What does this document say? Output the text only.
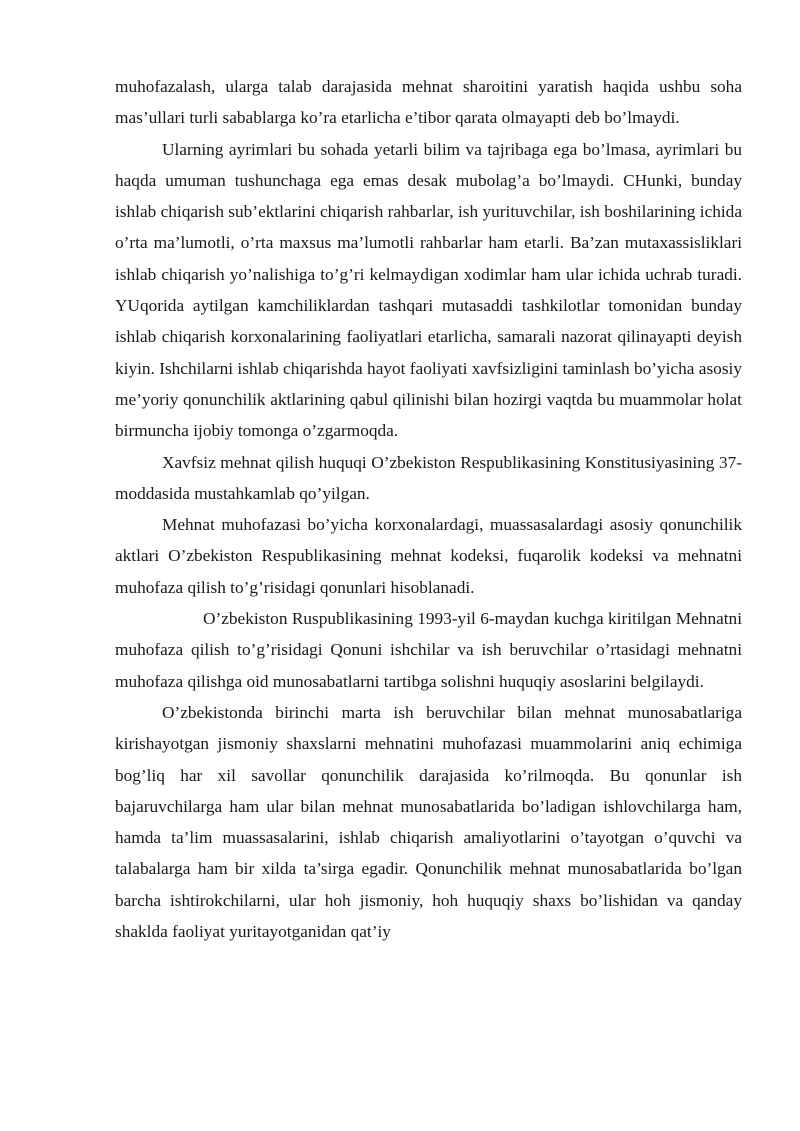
muhofazalash, ularga talab darajasida mehnat sharoitini yaratish haqida ushbu soha mas’ullari turli sabablarga ko’ra etarlicha e’tibor qarata olmayapti deb bo’lmaydi.

Ularning ayrimlari bu sohada yetarli bilim va tajribaga ega bo’lmasa, ayrimlari bu haqda umuman tushunchaga ega emas desak mubolag’a bo’lmaydi. CHunki, bunday ishlab chiqarish sub’ektlarini chiqarish rahbarlar, ish yurituvchilar, ish boshilarining ichida o’rta ma’lumotli, o’rta maxsus ma’lumotli rahbarlar ham etarli. Ba’zan mutaxassisliklari ishlab chiqarish yo’nalishiga to’g’ri kelmaydigan xodimlar ham ular ichida uchrab turadi. YUqorida aytilgan kamchiliklardan tashqari mutasaddi tashkilotlar tomonidan bunday ishlab chiqarish korxonalarining faoliyatlari etarlicha, samarali nazorat qilinayapti deyish kiyin. Ishchilarni ishlab chiqarishda hayot faoliyati xavfsizligini taminlash bo’yicha asosiy me’yoriy qonunchilik aktlarining qabul qilinishi bilan hozirgi vaqtda bu muammolar holat birmuncha ijobiy tomonga o’zgarmoqda.

Xavfsiz mehnat qilish huquqi O’zbekiston Respublikasining Konstitusiyasining 37-moddasida mustahkamlab qo’yilgan.

Mehnat muhofazasi bo’yicha korxonalardagi, muassasalardagi asosiy qonunchilik aktlari O’zbekiston Respublikasining mehnat kodeksi, fuqarolik kodeksi va mehnatni muhofaza qilish to’g’risidagi qonunlari hisoblanadi.

O’zbekiston Ruspublikasining 1993-yil 6-maydan kuchga kiritilgan Mehnatni muhofaza qilish to’g’risidagi Qonuni ishchilar va ish beruvchilar o’rtasidagi mehnatni muhofaza qilishga oid munosabatlarni tartibga solishni huquqiy asoslarini belgilaydi.

O’zbekistonda birinchi marta ish beruvchilar bilan mehnat munosabatlariga kirishayotgan jismoniy shaxslarni mehnatini muhofazasi muammolarini aniq echimiga bog’liq har xil savollar qonunchilik darajasida ko’rilmoqda. Bu qonunlar ish bajaruvchilarga ham ular bilan mehnat munosabatlarida bo’ladigan ishlovchilarga ham, hamda ta’lim muassasalarini, ishlab chiqarish amaliyotlarini o’tayotgan o’quvchi va talabalarga ham bir xilda ta’sirga egadir. Qonunchilik mehnat munosabatlarida bo’lgan barcha ishtirokchilarni, ular hoh jismoniy, hoh huquqiy shaxs bo’lishidan va qanday shaklda faoliyat yuritayotganidan qat’iy
